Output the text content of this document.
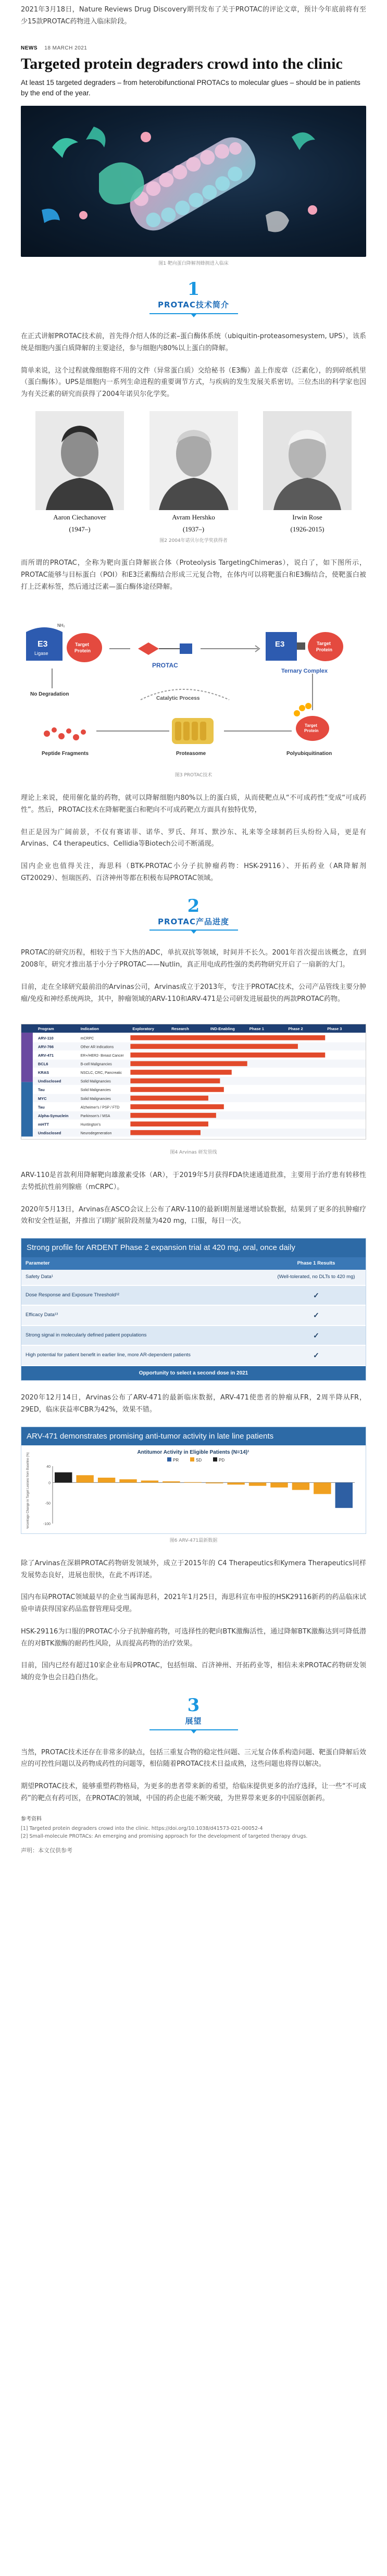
2021年3月18日，Nature Reviews Drug Discovery期刊发布了关于PROTAC的评论文章，预计今年底前将有至少15款PROTAC药物进入临床阶段。

NEWS 18 MARCH 2021
Targeted protein degraders crowd into the clinic
At least 15 targeted degraders – from heterobifunctional PROTACs to molecular glues – should be in patients by the end of the year.
图1 靶向蛋白降解剂蜂拥进入临床
1
PROTAC技术简介

在正式讲解PROTAC技术前，首先得介绍人体的泛素–蛋白酶体系统（ubiquitin-proteasomesystem, UPS），该系统是细胞内蛋白质降解的主要途径，参与细胞内80%以上蛋白的降解。

简单来说，这个过程就像细胞将不用的文件（异常蛋白质）交给秘书（E3酶）盖上作废章（泛素化），的到碎纸机里（蛋白酶体）。UPS是细胞内一系列生命进程的重要调节方式，与疾病的发生发展关系密切。三位杰出的科学家也因为有关泛素的研究而获得了2004年诺贝尔化学奖。

Aaron Ciechanover
(1947–)
Avram Hershko
(1937–)
Irwin Rose
(1926-2015)
图2 2004年诺贝尔化学奖获得者

而所谓的PROTAC，全称为靶向蛋白降解嵌合体（Proteolysis TargetingChimeras），说白了，如下图所示，PROTAC能够与目标蛋白（POI）和E3泛素酶结合形成三元复合物，在体内可以将靶蛋白和E3酶结合，使靶蛋白被打上泛素标签，然后通过泛素—蛋白酶体途径降解。

E3
Ligase
Target
Protein
NH₂
PROTAC
E3	Target
Protein
Ternary Complex
Catalytic Process
No Degradation
Peptide Fragments	Proteasome
Target
Protein
Polyubiquitination
图3 PROTAC技术

理论上来说，使用催化量的药物，就可以降解细胞内80%以上的蛋白质，从而使靶点从“不可成药性”变成“可成药性”。然后，PROTAC技术在降解靶蛋白和靶向不可成药靶点方面具有独特优势，

但正是因为广阔前景，不仅有赛诺菲、诺华、罗氏、拜耳、默沙东、礼来等全球制药巨头纷纷入局，更是有Arvinas、C4 therapeutics、Cellidia等Biotech公司不断涌现。

国内企业也值得关注，海思科（BTK-PROTAC小分子抗肿瘤药物：HSK-29116）、开拓药业（AR降解剂GT20029）、恒瑞医药、百济神州等都在积极布局PROTAC领域。

2
PROTAC产品进度

PROTAC的研究历程，相较于当下大热的ADC，单抗双抗等领域，时间并不长久。2001年首次提出该概念，直到2008年，研究才推出基于小分子PROTAC——Nutlin，真正用电成药性强的类药物研究开启了一扇新的大门。

目前，走在全球研究最前沿的Arvinas公司，Arvinas成立于2013年，专注于PROTAC技术，公司产品管线主要分肿瘤/免疫和神经系统两块，其中，肿瘤领域的ARV-110和ARV-471是公司研发进展最快的两款PROTAC药物。

Program	Indication	Exploratory	Research	IND-Enabling	Phase 1	Phase 2	Phase 3
ARV-110	mCRPC
ARV-766	Other AR indications
ARV-471	ER+/HER2- Breast Cancer
BCL6	B-cell Malignancies
KRAS	NSCLC, CRC, Pancreatic
Undisclosed	Solid Malignancies
Tau	Solid Malignancies
MYC	Solid Malignancies
Tau	Alzheimer's / PSP / FTD
Alpha-Synuclein	Parkinson's / MSA
mHTT	Huntington's
Undisclosed	Neurodegeneration
图4 Arvinas 研发管线

ARV-110是首款利用降解靶向雄激素受体（AR），于2019年5月获得FDA快速通道批准，主要用于治疗患有转移性去势抵抗性前列腺癌（mCRPC）。

2020年5月13日，Arvinas在ASCO会议上公布了ARV-110的最新I期剂量递增试验数据，结果到了更多的抗肿瘤疗效和安全性证据，并推出了I期扩展阶段剂量为420 mg，口服，每日一次。

Strong profile for ARDENT Phase 2 expansion trial at 420 mg, oral, once daily
Parameter	Phase 1 Results
Safety Data¹	(Well-tolerated, no DLTs to 420 mg)
Dose Response and Exposure Threshold¹²	✓
Efficacy Data¹³	✓
Strong signal in molecularly defined patient populations	✓
High potential for patient benefit in earlier line, more AR-dependent patients	✓
Opportunity to select a second dose in 2021

2020年12月14日，Arvinas公布了ARV-471的最新临床数据，ARV-471使患者的肿瘤从FR，2周半降从FR，29ED，临床获益率CBR为42%，效果不错。

ARV-471 demonstrates promising anti-tumor activity in late line patients
Antitumor Activity in Eligible Patients (N=14)¹
PR	SD	PD
-100
-50
0
40
Best Percentage Change in Target Lesions from Baseline (%)
图6 ARV-471最新数据

除了Arvinas在深耕PROTAC药物研发领域外，成立于2015年的 C4 Therapeutics和Kymera Therapeutics同样发展势态良好，进展也很快，在此不再详述。

国内布局PROTAC领域最早的企业当属海思科，2021年1月25日，海思科宣布申报的HSK29116新药的药品临床试验申请获得国家药品监督管理局受理。

HSK-29116为口服的PROTAC小分子抗肿瘤药物，可选择性的靶向BTK激酶活性，通过降解BTK激酶达到可降低潜在的对BTK激酶的耐药性风险，从而提高药物的治疗效果。

目前，国内已经有超过10家企业布局PROTAC，包括恒瑞、百济神州、开拓药业等，相信未来PROTAC药物研发领域的竞争也会日趋白热化。

3
展望

当然，PROTAC技术还存在非常多的缺点，包括三重复合物的稳定性问题、三元复合体系构造问题、靶蛋白降解后效应的可控性问题以及药物成药性的问题等，相信随着PROTAC技术日益成熟，这些问题也将得以解决。

期望PROTAC技术，能够重塑药物格局，为更多的患者带来新的希望，给临床提供更多的治疗选择，让一些“不可成药”的靶点有药可医，在PROTAC的领域，中国的药企也能不断突破，为世界带来更多的中国原创新药。

参考资料
[1] Targeted protein degraders crowd into the clinic. https://doi.org/10.1038/d41573-021-00052-4
[2] Small-molecule PROTACs: An emerging and promising approach for the development of targeted therapy drugs.
声明：本文仅供参考
